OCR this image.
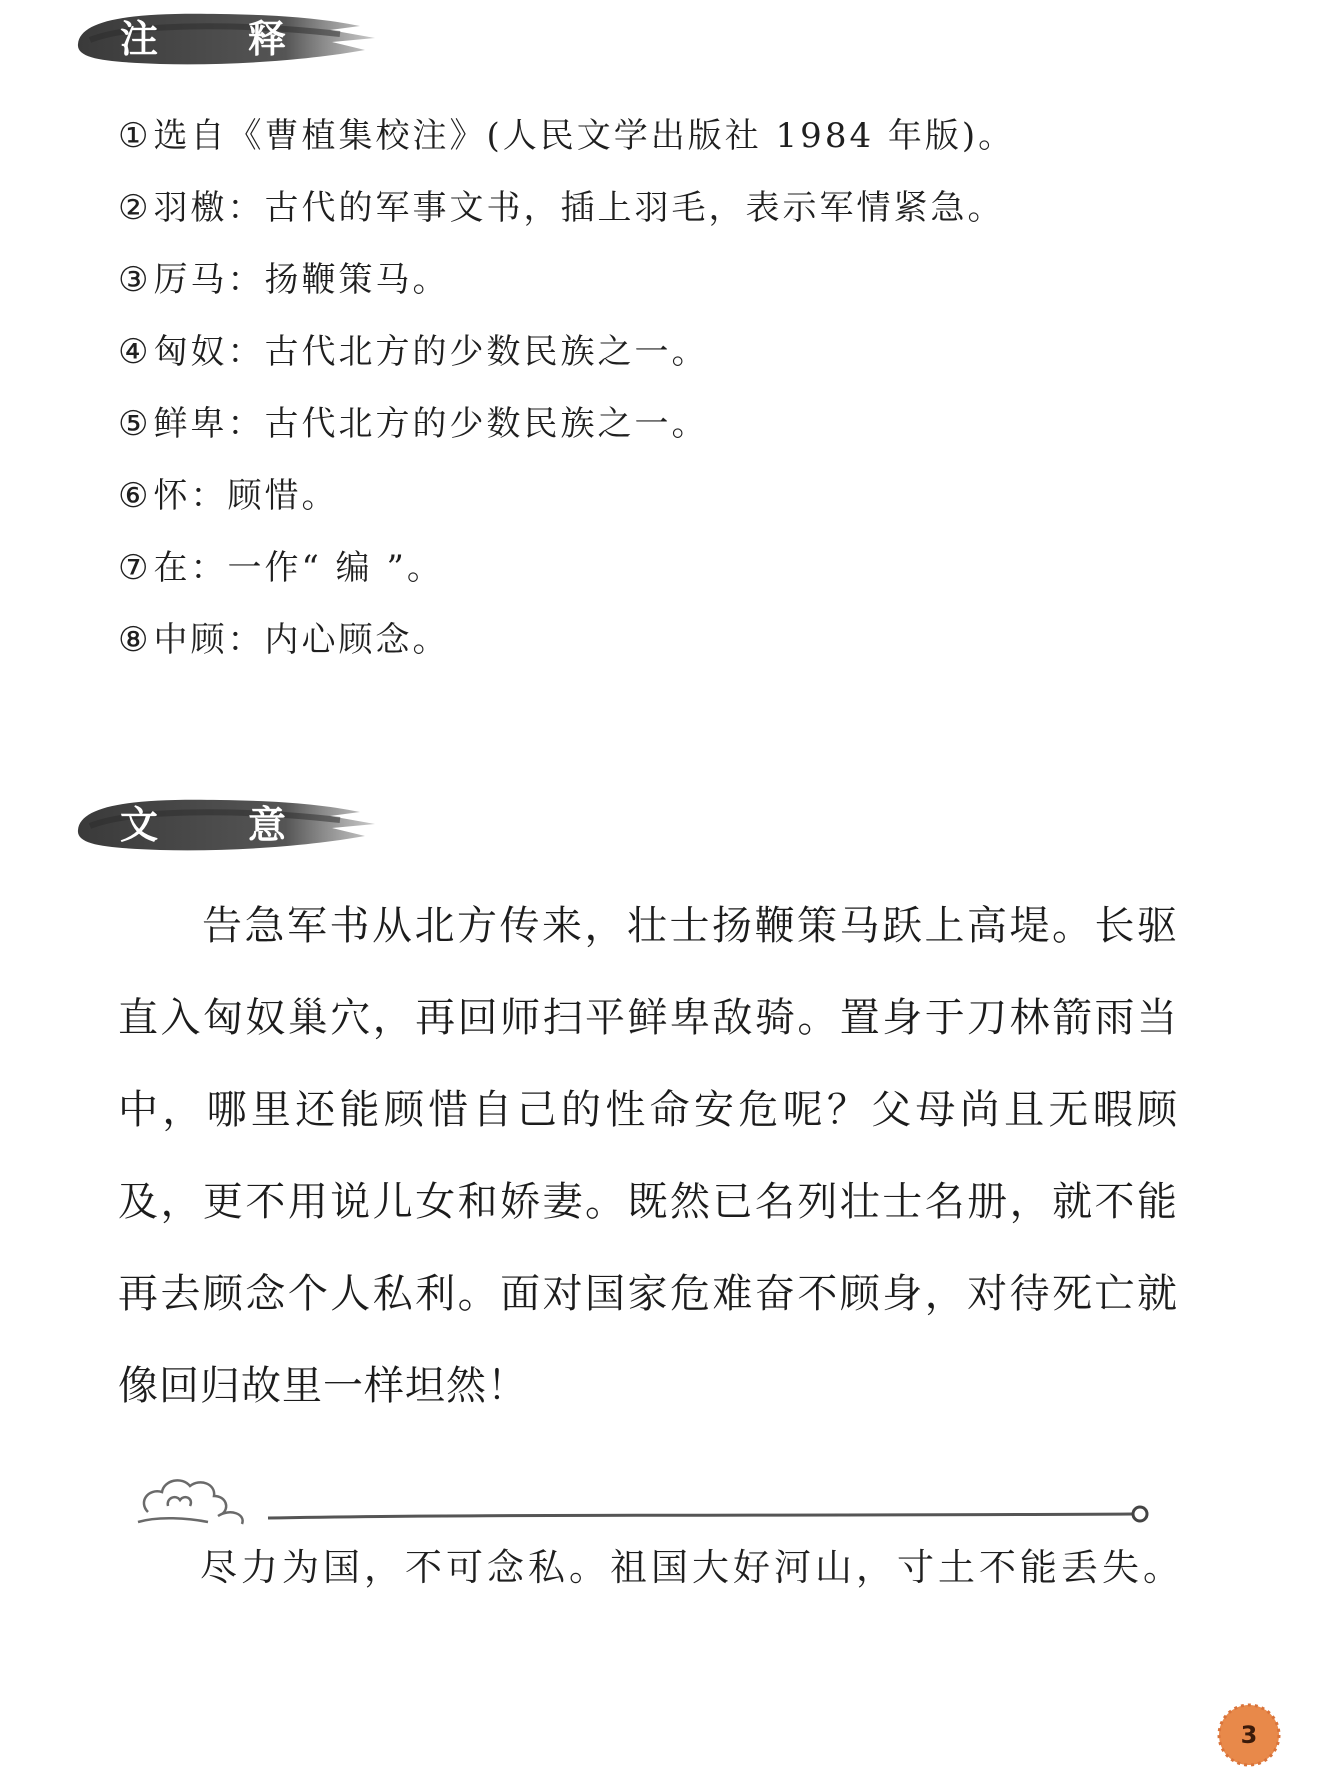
注 释
①选自《曹植集校注》(人民文学出版社 1984 年版)。
②羽檄：古代的军事文书，插上羽毛，表示军情紧急。
③厉马：扬鞭策马。
④匈奴：古代北方的少数民族之一。
⑤鲜卑：古代北方的少数民族之一。
⑥怀：顾惜。
⑦在：一作“ 编 ”。
⑧中顾：内心顾念。
文 意
告急军书从北方传来，壮士扬鞭策马跃上高堤。长驱直入匈奴巢穴，再回师扫平鲜卑敌骑。置身于刀林箭雨当中，哪里还能顾惜自己的性命安危呢？父母尚且无暇顾及，更不用说儿女和娇妻。既然已名列壮士名册，就不能再去顾念个人私利。面对国家危难奋不顾身，对待死亡就像回归故里一样坦然！
尽力为国，不可念私。祖国大好河山，寸土不能丢失。
3
